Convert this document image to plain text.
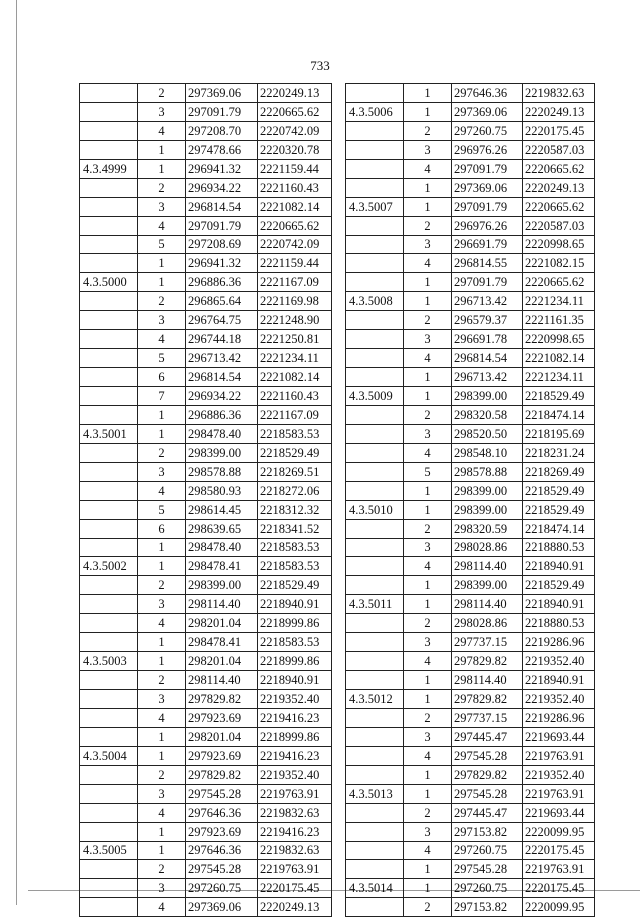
733
	2	297369.06	2220249.13
	3	297091.79	2220665.62
	4	297208.70	2220742.09
	1	297478.66	2220320.78
4.3.4999	1	296941.32	2221159.44
	2	296934.22	2221160.43
	3	296814.54	2221082.14
	4	297091.79	2220665.62
	5	297208.69	2220742.09
	1	296941.32	2221159.44
4.3.5000	1	296886.36	2221167.09
	2	296865.64	2221169.98
	3	296764.75	2221248.90
	4	296744.18	2221250.81
	5	296713.42	2221234.11
	6	296814.54	2221082.14
	7	296934.22	2221160.43
	1	296886.36	2221167.09
4.3.5001	1	298478.40	2218583.53
	2	298399.00	2218529.49
	3	298578.88	2218269.51
	4	298580.93	2218272.06
	5	298614.45	2218312.32
	6	298639.65	2218341.52
	1	298478.40	2218583.53
4.3.5002	1	298478.41	2218583.53
	2	298399.00	2218529.49
	3	298114.40	2218940.91
	4	298201.04	2218999.86
	1	298478.41	2218583.53
4.3.5003	1	298201.04	2218999.86
	2	298114.40	2218940.91
	3	297829.82	2219352.40
	4	297923.69	2219416.23
	1	298201.04	2218999.86
4.3.5004	1	297923.69	2219416.23
	2	297829.82	2219352.40
	3	297545.28	2219763.91
	4	297646.36	2219832.63
	1	297923.69	2219416.23
4.3.5005	1	297646.36	2219832.63
	2	297545.28	2219763.91
	3	297260.75	2220175.45
	4	297369.06	2220249.13
	1	297646.36	2219832.63
4.3.5006	1	297369.06	2220249.13
	2	297260.75	2220175.45
	3	296976.26	2220587.03
	4	297091.79	2220665.62
	1	297369.06	2220249.13
4.3.5007	1	297091.79	2220665.62
	2	296976.26	2220587.03
	3	296691.79	2220998.65
	4	296814.55	2221082.15
	1	297091.79	2220665.62
4.3.5008	1	296713.42	2221234.11
	2	296579.37	2221161.35
	3	296691.78	2220998.65
	4	296814.54	2221082.14
	1	296713.42	2221234.11
4.3.5009	1	298399.00	2218529.49
	2	298320.58	2218474.14
	3	298520.50	2218195.69
	4	298548.10	2218231.24
	5	298578.88	2218269.49
	1	298399.00	2218529.49
4.3.5010	1	298399.00	2218529.49
	2	298320.59	2218474.14
	3	298028.86	2218880.53
	4	298114.40	2218940.91
	1	298399.00	2218529.49
4.3.5011	1	298114.40	2218940.91
	2	298028.86	2218880.53
	3	297737.15	2219286.96
	4	297829.82	2219352.40
	1	298114.40	2218940.91
4.3.5012	1	297829.82	2219352.40
	2	297737.15	2219286.96
	3	297445.47	2219693.44
	4	297545.28	2219763.91
	1	297829.82	2219352.40
4.3.5013	1	297545.28	2219763.91
	2	297445.47	2219693.44
	3	297153.82	2220099.95
	4	297260.75	2220175.45
	1	297545.28	2219763.91
4.3.5014	1	297260.75	2220175.45
	2	297153.82	2220099.95
